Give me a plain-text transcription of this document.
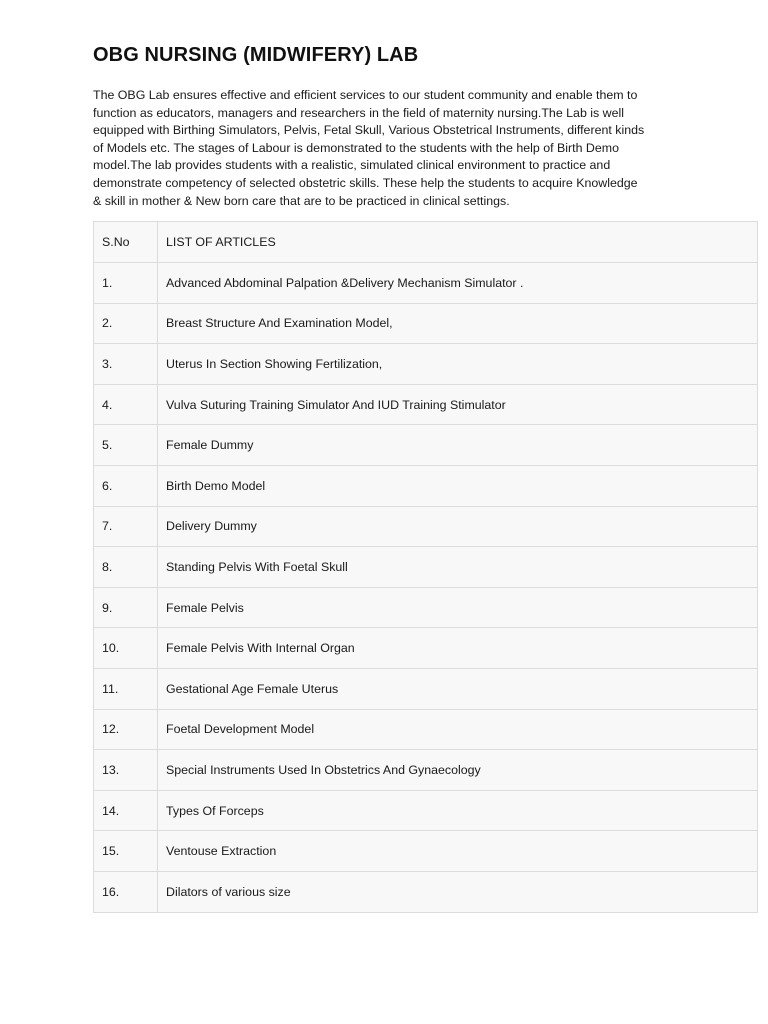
OBG NURSING (MIDWIFERY) LAB

The OBG Lab ensures effective and efficient services to our student community and enable them to
function as educators, managers and researchers in the field of maternity nursing.The Lab is well
equipped with Birthing Simulators, Pelvis, Fetal Skull, Various Obstetrical Instruments, different kinds
of Models etc. The stages of Labour is demonstrated to the students with the help of Birth Demo
model.The lab provides students with a realistic, simulated clinical environment to practice and
demonstrate competency of selected obstetric skills. These help the students to acquire Knowledge
& skill in mother & New born care that are to be practiced in clinical settings.

S.No	LIST OF ARTICLES
1.	Advanced Abdominal Palpation &Delivery Mechanism Simulator .
2.	Breast Structure And Examination Model,
3.	Uterus In Section Showing Fertilization,
4.	Vulva Suturing Training Simulator And IUD Training Stimulator
5.	Female Dummy
6.	Birth Demo Model
7.	Delivery Dummy
8.	Standing Pelvis With Foetal Skull
9.	Female Pelvis
10.	Female Pelvis With Internal Organ
11.	Gestational Age Female Uterus
12.	Foetal Development Model
13.	Special Instruments Used In Obstetrics And Gynaecology
14.	Types Of Forceps
15.	Ventouse Extraction
16.	Dilators of various size
